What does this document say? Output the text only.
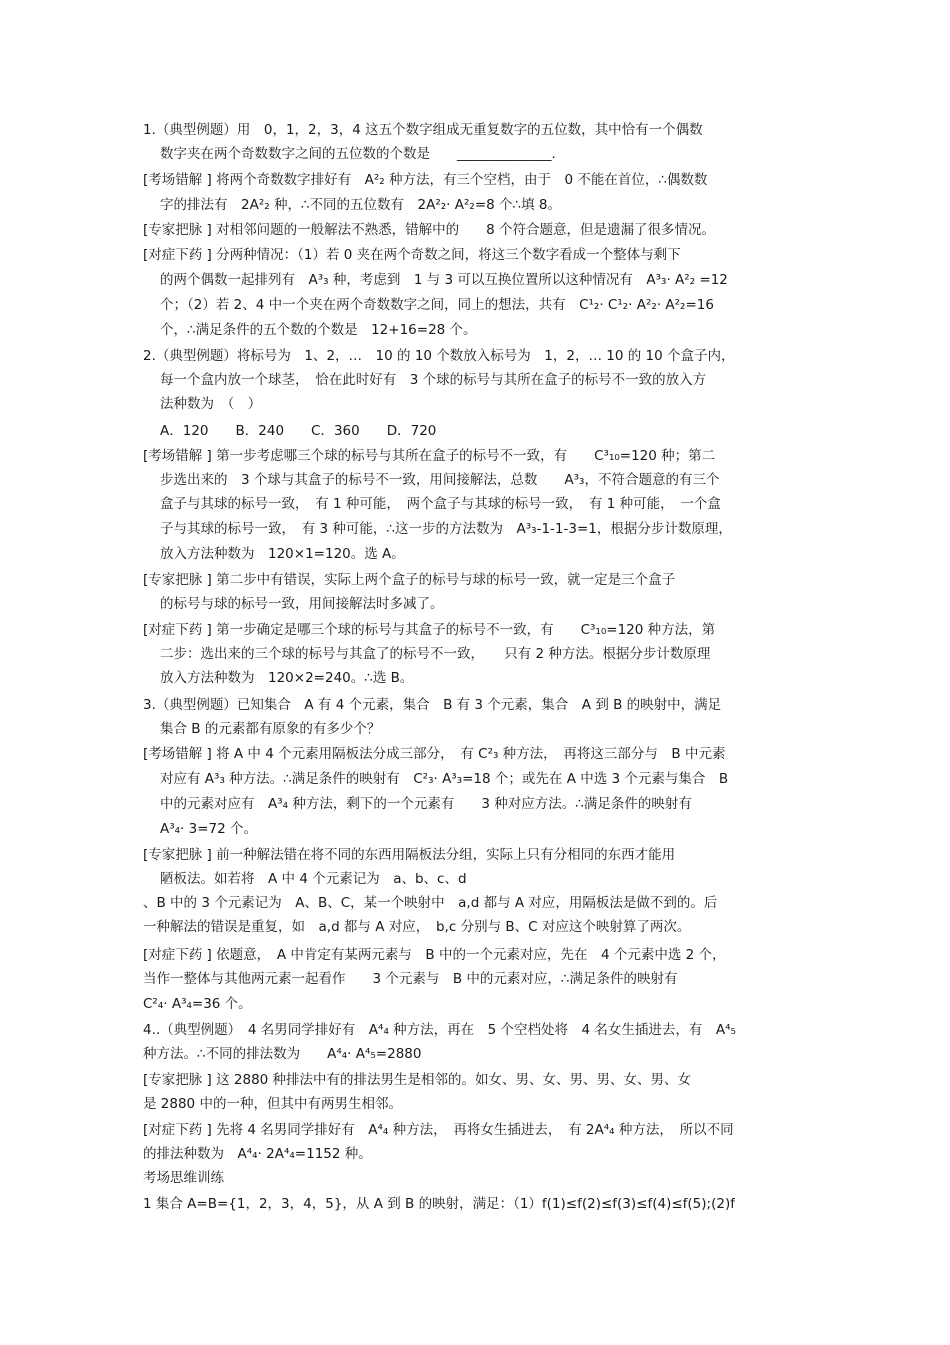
1.（典型例题）用　0，1，2，3，4 这五个数字组成无重复数字的五位数，其中恰有一个偶数
数字夹在两个奇数数字之间的五位数的个数是　　______________.
[考场错解 ] 将两个奇数数字排好有　A²₂ 种方法，有三个空档，由于　0 不能在首位，∴偶数数
字的排法有　2A²₂ 种，∴不同的五位数有　2A²₂· A²₂=8 个∴填 8。
[专家把脉 ] 对相邻问题的一般解法不熟悉，错解中的　　8 个符合题意，但是遗漏了很多情况。
[对症下药 ] 分两种情况：（1）若 0 夹在两个奇数之间，将这三个数字看成一个整体与剩下
的两个偶数一起排列有　A³₃ 种，考虑到　1 与 3 可以互换位置所以这种情况有　A³₃· A²₂ =12
个；（2）若 2、4 中一个夹在两个奇数数字之间，同上的想法，共有　C¹₂· C¹₂· A²₂· A²₂=16
个，∴满足条件的五个数的个数是　12+16=28 个。
2.（典型例题）将标号为　1、2，…　10 的 10 个数放入标号为　1，2，… 10 的 10 个盒子内，
每一个盒内放一个球茎，　恰在此时好有　3 个球的标号与其所在盒子的标号不一致的放入方
法种数为　（　）
A．120　　B．240　　C．360　　D．720
[考场错解 ] 第一步考虑哪三个球的标号与其所在盒子的标号不一致，有　　C³₁₀=120 种；第二
步选出来的　3 个球与其盒子的标号不一致，用间接解法，总数　　A³₃，不符合题意的有三个
盒子与其球的标号一致，　有 1 种可能，　两个盒子与其球的标号一致，　有 1 种可能，　一个盒
子与其球的标号一致，　有 3 种可能，∴这一步的方法数为　A³₃-1-1-3=1，根据分步计数原理，
放入方法种数为　120×1=120。选 A。
[专家把脉 ] 第二步中有错误，实际上两个盒子的标号与球的标号一致，就一定是三个盒子
的标号与球的标号一致，用间接解法时多减了。
[对症下药 ] 第一步确定是哪三个球的标号与其盒子的标号不一致，有　　C³₁₀=120 种方法，第
二步：选出来的三个球的标号与其盒了的标号不一致，　　只有 2 种方法。根据分步计数原理
放入方法种数为　120×2=240。∴选 B。
3.（典型例题）已知集合　A 有 4 个元素，集合　B 有 3 个元素，集合　A 到 B 的映射中，满足
集合 B 的元素都有原象的有多少个？
[考场错解 ] 将 A 中 4 个元素用隔板法分成三部分，　有 C²₃ 种方法，　再将这三部分与　B 中元素
对应有 A³₃ 种方法。∴满足条件的映射有　C²₃· A³₃=18 个；或先在 A 中选 3 个元素与集合　B
中的元素对应有　A³₄ 种方法，剩下的一个元素有　　3 种对应方法。∴满足条件的映射有
A³₄· 3=72 个。
[专家把脉 ] 前一种解法错在将不同的东西用隔板法分组，实际上只有分相同的东西才能用
陋板法。如若将　A 中 4 个元素记为　a、b、c、d
、B 中的 3 个元素记为　A、B、C，某一个映射中　a,d 都与 A 对应，用隔板法是做不到的。后
一种解法的错误是重复，如　a,d 都与 A 对应，　b,c 分别与 B、C 对应这个映射算了两次。
[对症下药 ] 依题意，　A 中肯定有某两元素与　B 中的一个元素对应，先在　4 个元素中选 2 个，
当作一整体与其他两元素一起看作　　3 个元素与　B 中的元素对应，∴满足条件的映射有
C²₄· A³₄=36 个。
4..（典型例题）　4 名男同学排好有　A⁴₄ 种方法，再在　5 个空档处将　4 名女生插进去，有　A⁴₅
种方法。∴不同的排法数为　　A⁴₄· A⁴₅=2880
[专家把脉 ] 这 2880 种排法中有的排法男生是相邻的。如女、男、女、男、男、女、男、女
是 2880 中的一种，但其中有两男生相邻。
[对症下药 ] 先将 4 名男同学排好有　A⁴₄ 种方法，　再将女生插进去，　有 2A⁴₄ 种方法，　所以不同
的排法种数为　A⁴₄· 2A⁴₄=1152 种。
考场思维训练
1 集合 A=B={1，2，3，4，5}，从 A 到 B 的映射，满足：（1）f(1)≤f(2)≤f(3)≤f(4)≤f(5);(2)f
